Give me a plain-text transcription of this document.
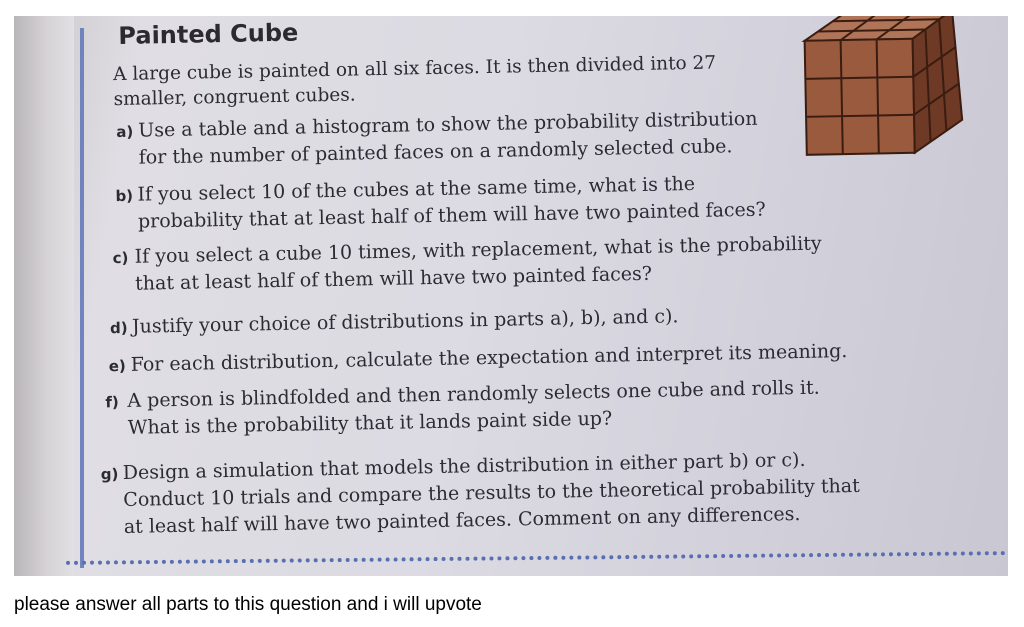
Painted Cube
A large cube is painted on all six faces. It is then divided into 27 smaller, congruent cubes.
a) Use a table and a histogram to show the probability distribution for the number of painted faces on a randomly selected cube.
b) If you select 10 of the cubes at the same time, what is the probability that at least half of them will have two painted faces?
c) If you select a cube 10 times, with replacement, what is the probability that at least half of them will have two painted faces?
d) Justify your choice of distributions in parts a), b), and c).
e) For each distribution, calculate the expectation and interpret its meaning.
f) A person is blindfolded and then randomly selects one cube and rolls it. What is the probability that it lands paint side up?
g) Design a simulation that models the distribution in either part b) or c). Conduct 10 trials and compare the results to the theoretical probability that at least half will have two painted faces. Comment on any differences.
please answer all parts to this question and i will upvote
